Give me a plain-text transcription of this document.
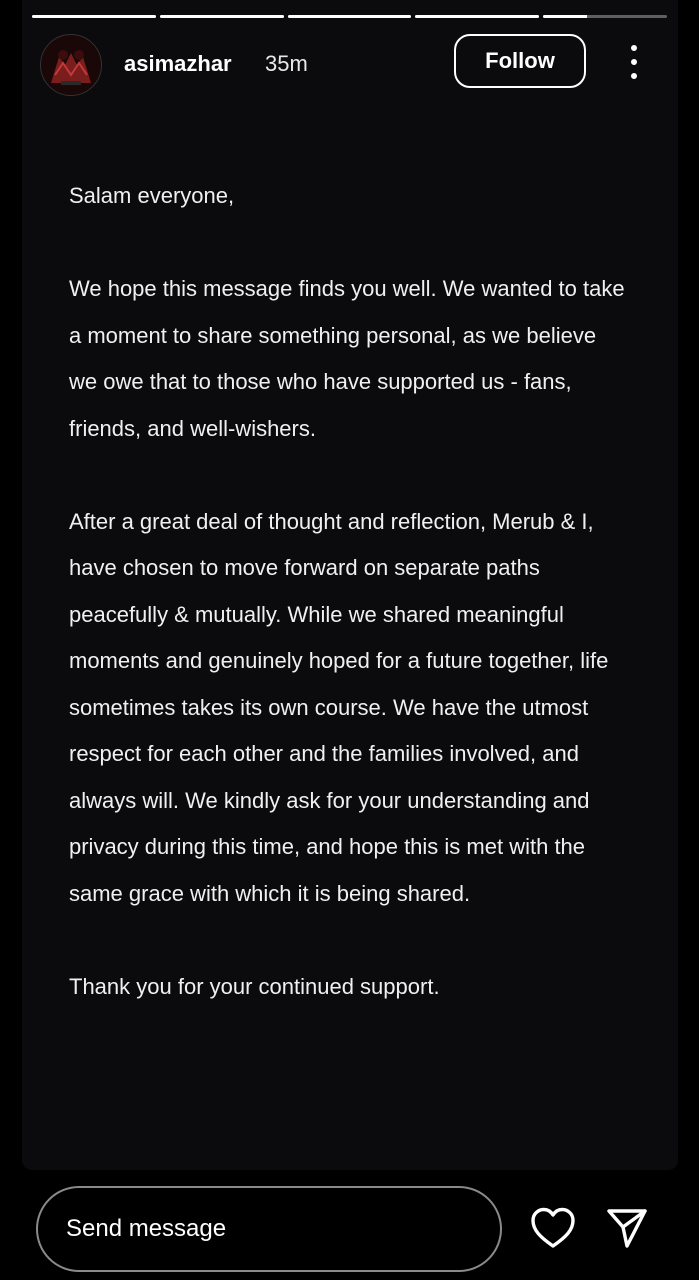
asimazhar 35m	Follow

Salam everyone,

We hope this message finds you well. We wanted to take a moment to share something personal, as we believe we owe that to those who have supported us - fans, friends, and well-wishers.

After a great deal of thought and reflection, Merub & I, have chosen to move forward on separate paths peacefully & mutually. While we shared meaningful moments and genuinely hoped for a future together, life sometimes takes its own course. We have the utmost respect for each other and the families involved, and always will. We kindly ask for your understanding and privacy during this time, and hope this is met with the same grace with which it is being shared.

Thank you for your continued support.

Send message
